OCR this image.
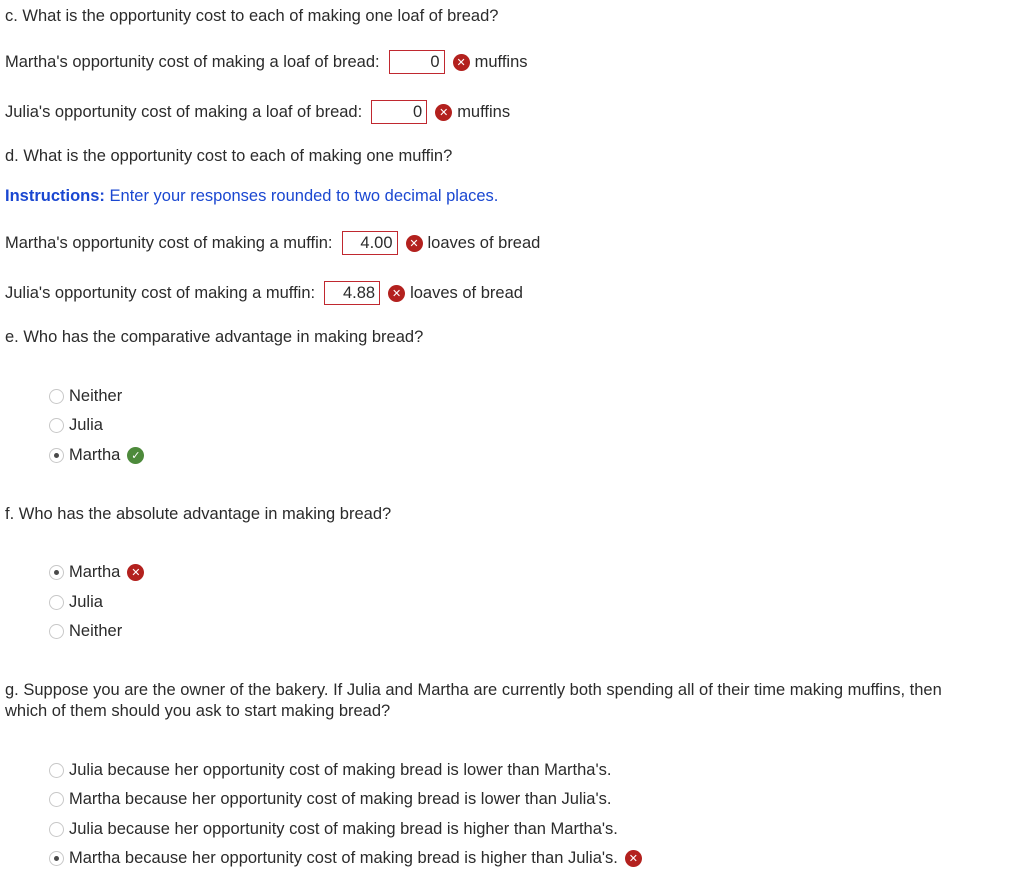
c. What is the opportunity cost to each of making one loaf of bread?
Martha's opportunity cost of making a loaf of bread:	0	✕ muffins
Julia's opportunity cost of making a loaf of bread:	0	✕ muffins
d. What is the opportunity cost to each of making one muffin?
Instructions: Enter your responses rounded to two decimal places.
Martha's opportunity cost of making a muffin:	4.00	✕ loaves of bread
Julia's opportunity cost of making a muffin:	4.88	✕ loaves of bread
e. Who has the comparative advantage in making bread?
Neither
Julia
Martha ✓
f. Who has the absolute advantage in making bread?
Martha ✕
Julia
Neither
g. Suppose you are the owner of the bakery. If Julia and Martha are currently both spending all of their time making muffins, then
which of them should you ask to start making bread?
Julia because her opportunity cost of making bread is lower than Martha's.
Martha because her opportunity cost of making bread is lower than Julia's.
Julia because her opportunity cost of making bread is higher than Martha's.
Martha because her opportunity cost of making bread is higher than Julia's. ✕
